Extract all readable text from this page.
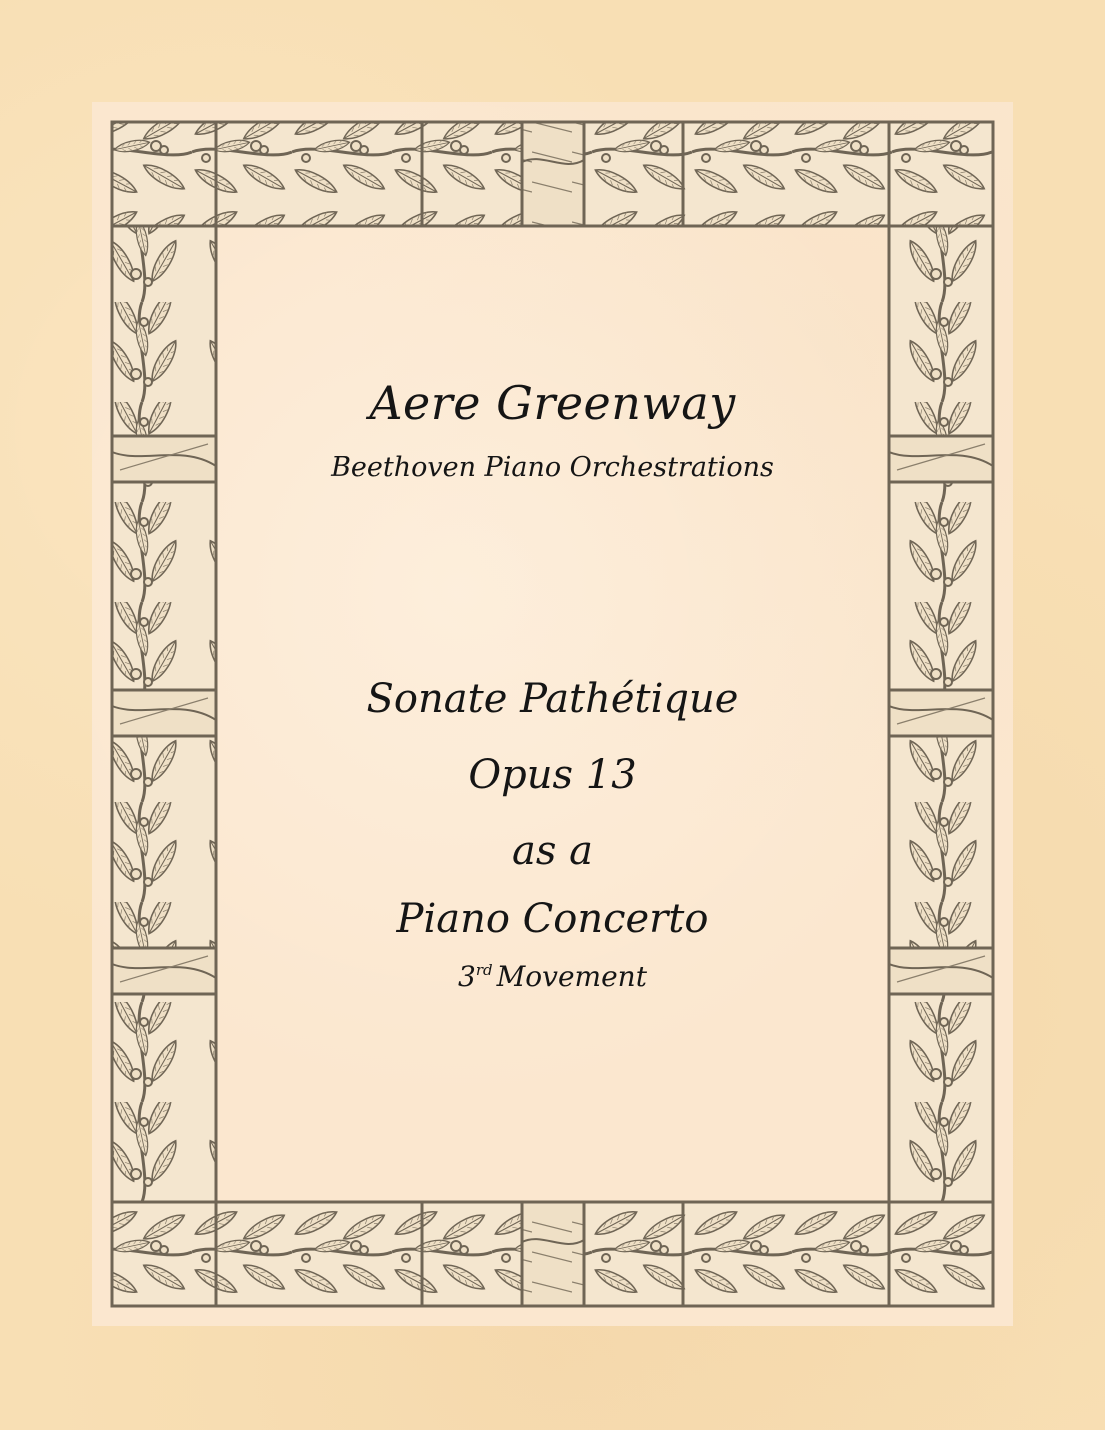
Aere Greenway
Beethoven Piano Orchestrations
Sonate Pathétique
Opus 13
as a
Piano Concerto
3rd Movement
